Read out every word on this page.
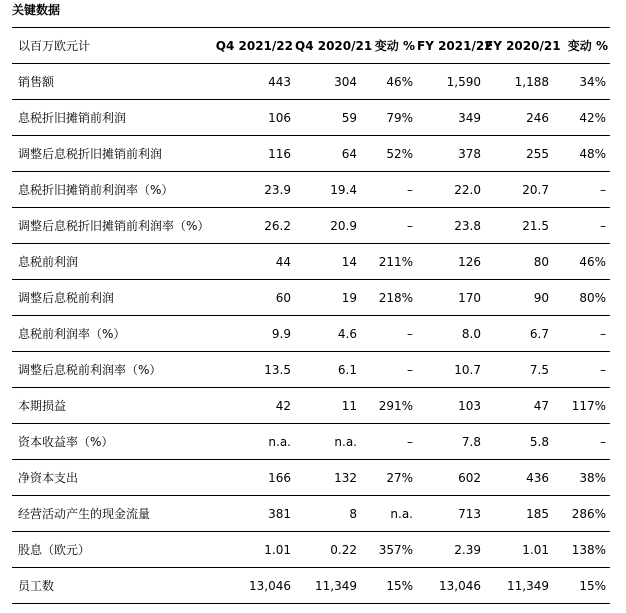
关键数据
以百万欧元计	Q4 2021/22	Q4 2020/21	变动 %	FY 2021/22	FY 2020/21	变动 %
销售额	443	304	46%	1,590	1,188	34%
息税折旧摊销前利润	106	59	79%	349	246	42%
调整后息税折旧摊销前利润	116	64	52%	378	255	48%
息税折旧摊销前利润率（%）	23.9	19.4	–	22.0	20.7	–
调整后息税折旧摊销前利润率（%）	26.2	20.9	–	23.8	21.5	–
息税前利润	44	14	211%	126	80	46%
调整后息税前利润	60	19	218%	170	90	80%
息税前利润率（%）	9.9	4.6	–	8.0	6.7	–
调整后息税前利润率（%）	13.5	6.1	–	10.7	7.5	–
本期损益	42	11	291%	103	47	117%
资本收益率（%）	n.a.	n.a.	–	7.8	5.8	–
净资本支出	166	132	27%	602	436	38%
经营活动产生的现金流量	381	8	n.a.	713	185	286%
股息（欧元）	1.01	0.22	357%	2.39	1.01	138%
员工数	13,046	11,349	15%	13,046	11,349	15%
